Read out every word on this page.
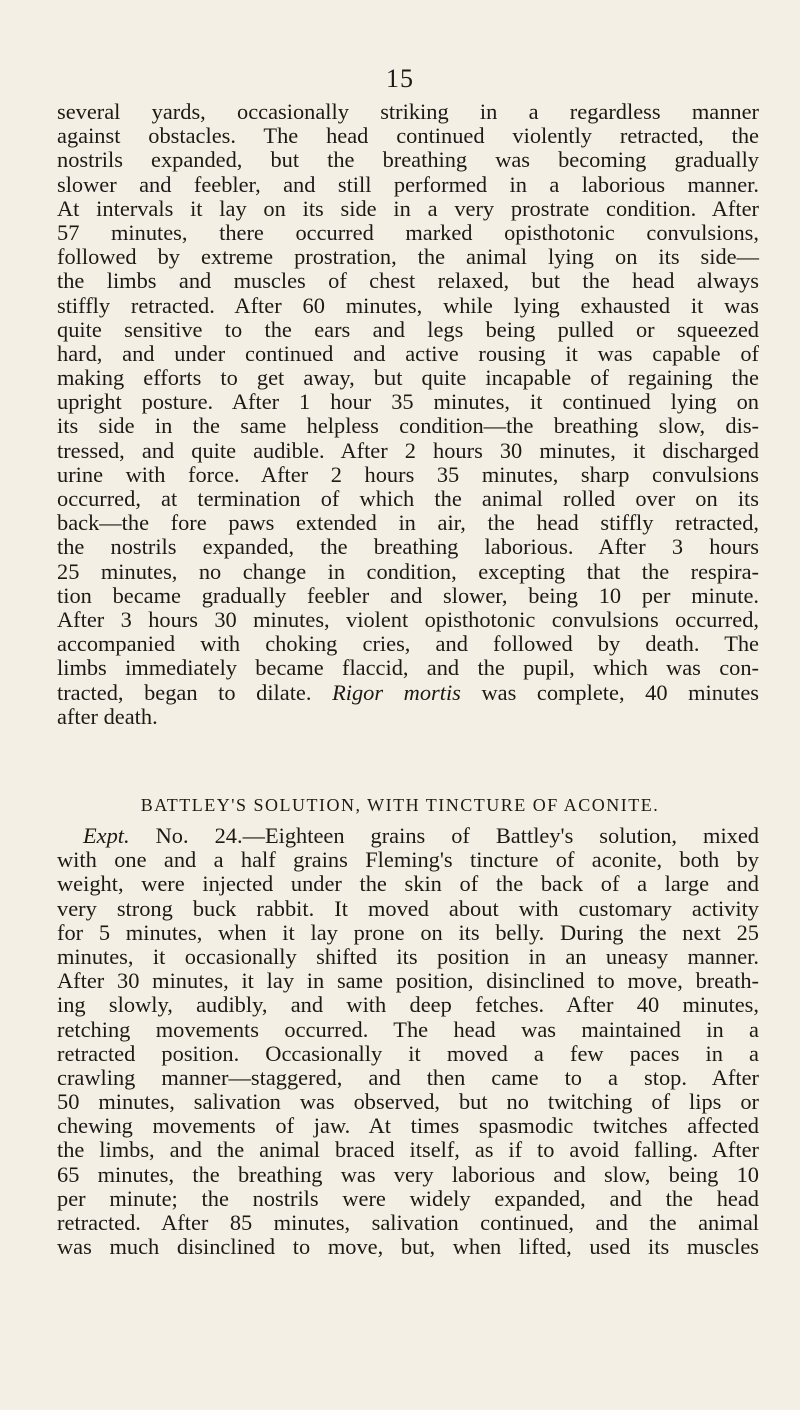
15
several yards, occasionally striking in a regardless manner
against obstacles. The head continued violently retracted, the
nostrils expanded, but the breathing was becoming gradually
slower and feebler, and still performed in a laborious manner.
At intervals it lay on its side in a very prostrate condition. After
57 minutes, there occurred marked opisthotonic convulsions,
followed by extreme prostration, the animal lying on its side—
the limbs and muscles of chest relaxed, but the head always
stiffly retracted. After 60 minutes, while lying exhausted it was
quite sensitive to the ears and legs being pulled or squeezed
hard, and under continued and active rousing it was capable of
making efforts to get away, but quite incapable of regaining the
upright posture. After 1 hour 35 minutes, it continued lying on
its side in the same helpless condition—the breathing slow, dis-
tressed, and quite audible. After 2 hours 30 minutes, it discharged
urine with force. After 2 hours 35 minutes, sharp convulsions
occurred, at termination of which the animal rolled over on its
back—the fore paws extended in air, the head stiffly retracted,
the nostrils expanded, the breathing laborious. After 3 hours
25 minutes, no change in condition, excepting that the respira-
tion became gradually feebler and slower, being 10 per minute.
After 3 hours 30 minutes, violent opisthotonic convulsions occurred,
accompanied with choking cries, and followed by death. The
limbs immediately became flaccid, and the pupil, which was con-
tracted, began to dilate. Rigor mortis was complete, 40 minutes
after death.
BATTLEY'S SOLUTION, WITH TINCTURE OF ACONITE.
Expt. No. 24.—Eighteen grains of Battley's solution, mixed
with one and a half grains Fleming's tincture of aconite, both by
weight, were injected under the skin of the back of a large and
very strong buck rabbit. It moved about with customary activity
for 5 minutes, when it lay prone on its belly. During the next 25
minutes, it occasionally shifted its position in an uneasy manner.
After 30 minutes, it lay in same position, disinclined to move, breath-
ing slowly, audibly, and with deep fetches. After 40 minutes,
retching movements occurred. The head was maintained in a
retracted position. Occasionally it moved a few paces in a
crawling manner—staggered, and then came to a stop. After
50 minutes, salivation was observed, but no twitching of lips or
chewing movements of jaw. At times spasmodic twitches affected
the limbs, and the animal braced itself, as if to avoid falling. After
65 minutes, the breathing was very laborious and slow, being 10
per minute; the nostrils were widely expanded, and the head
retracted. After 85 minutes, salivation continued, and the animal
was much disinclined to move, but, when lifted, used its muscles
